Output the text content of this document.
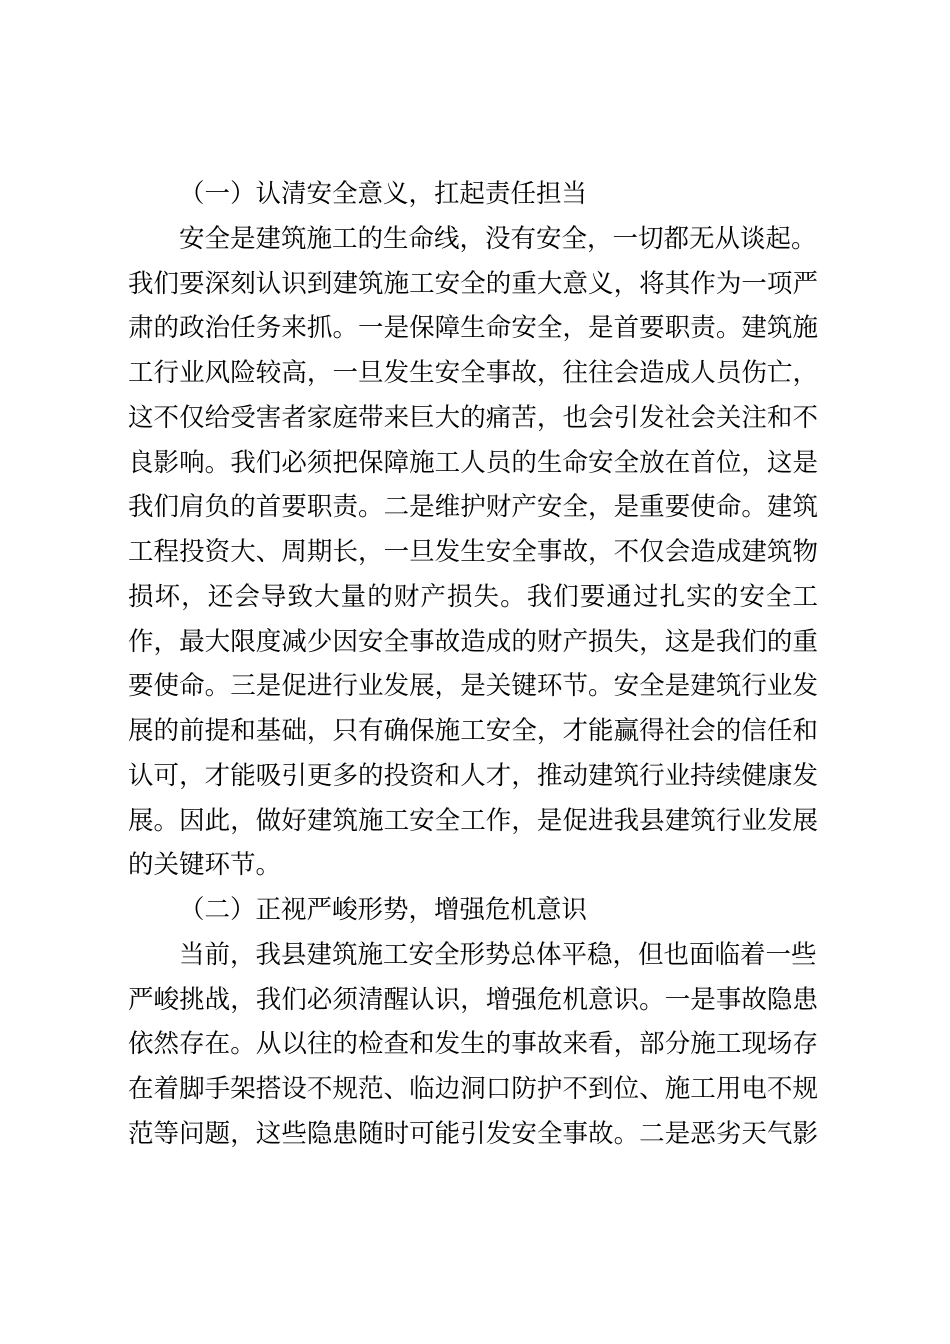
（一）认清安全意义，扛起责任担当
安全是建筑施工的生命线，没有安全，一切都无从谈起。
我们要深刻认识到建筑施工安全的重大意义，将其作为一项严
肃的政治任务来抓。一是保障生命安全，是首要职责。建筑施
工行业风险较高，一旦发生安全事故，往往会造成人员伤亡，
这不仅给受害者家庭带来巨大的痛苦，也会引发社会关注和不
良影响。我们必须把保障施工人员的生命安全放在首位，这是
我们肩负的首要职责。二是维护财产安全，是重要使命。建筑
工程投资大、周期长，一旦发生安全事故，不仅会造成建筑物
损坏，还会导致大量的财产损失。我们要通过扎实的安全工
作，最大限度减少因安全事故造成的财产损失，这是我们的重
要使命。三是促进行业发展，是关键环节。安全是建筑行业发
展的前提和基础，只有确保施工安全，才能赢得社会的信任和
认可，才能吸引更多的投资和人才，推动建筑行业持续健康发
展。因此，做好建筑施工安全工作，是促进我县建筑行业发展
的关键环节。
（二）正视严峻形势，增强危机意识
当前，我县建筑施工安全形势总体平稳，但也面临着一些
严峻挑战，我们必须清醒认识，增强危机意识。一是事故隐患
依然存在。从以往的检查和发生的事故来看，部分施工现场存
在着脚手架搭设不规范、临边洞口防护不到位、施工用电不规
范等问题，这些隐患随时可能引发安全事故。二是恶劣天气影
